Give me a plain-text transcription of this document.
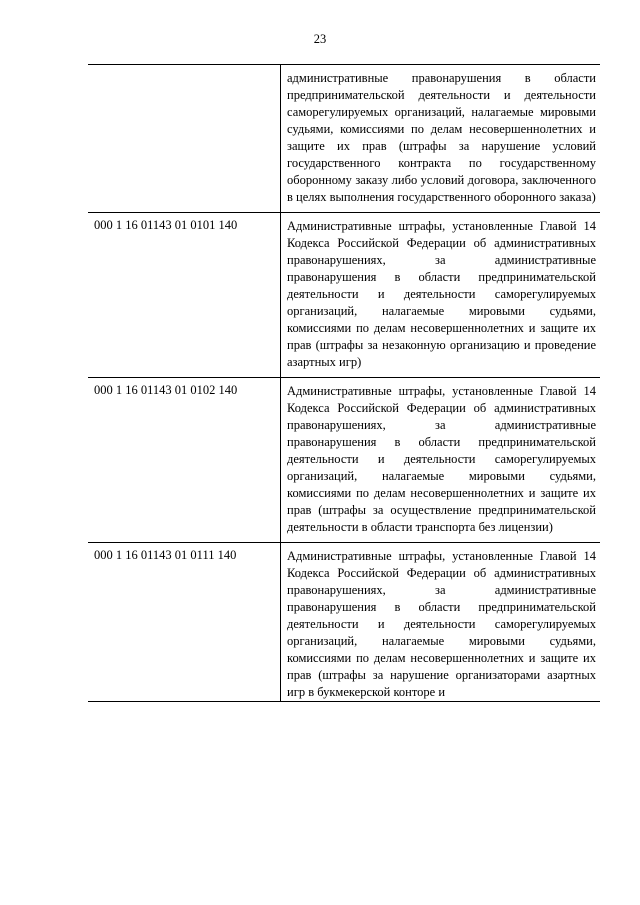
23
административные правонарушения в области предпринимательской деятельности и деятельности саморегулируемых организаций, налагаемые мировыми судьями, комиссиями по делам несовершеннолетних и защите их прав (штрафы за нарушение условий государственного контракта по государственному оборонному заказу либо условий договора, заключенного в целях выполнения государственного оборонного заказа)
000 1 16 01143 01 0101 140	Административные штрафы, установленные Главой 14 Кодекса Российской Федерации об административных правонарушениях, за административные правонарушения в области предпринимательской деятельности и деятельности саморегулируемых организаций, налагаемые мировыми судьями, комиссиями по делам несовершеннолетних и защите их прав (штрафы за незаконную организацию и проведение азартных игр)
000 1 16 01143 01 0102 140	Административные штрафы, установленные Главой 14 Кодекса Российской Федерации об административных правонарушениях, за административные правонарушения в области предпринимательской деятельности и деятельности саморегулируемых организаций, налагаемые мировыми судьями, комиссиями по делам несовершеннолетних и защите их прав (штрафы за осуществление предпринимательской деятельности в области транспорта без лицензии)
000 1 16 01143 01 0111 140	Административные штрафы, установленные Главой 14 Кодекса Российской Федерации об административных правонарушениях, за административные правонарушения в области предпринимательской деятельности и деятельности саморегулируемых организаций, налагаемые мировыми судьями, комиссиями по делам несовершеннолетних и защите их прав (штрафы за нарушение организаторами азартных игр в букмекерской конторе и
